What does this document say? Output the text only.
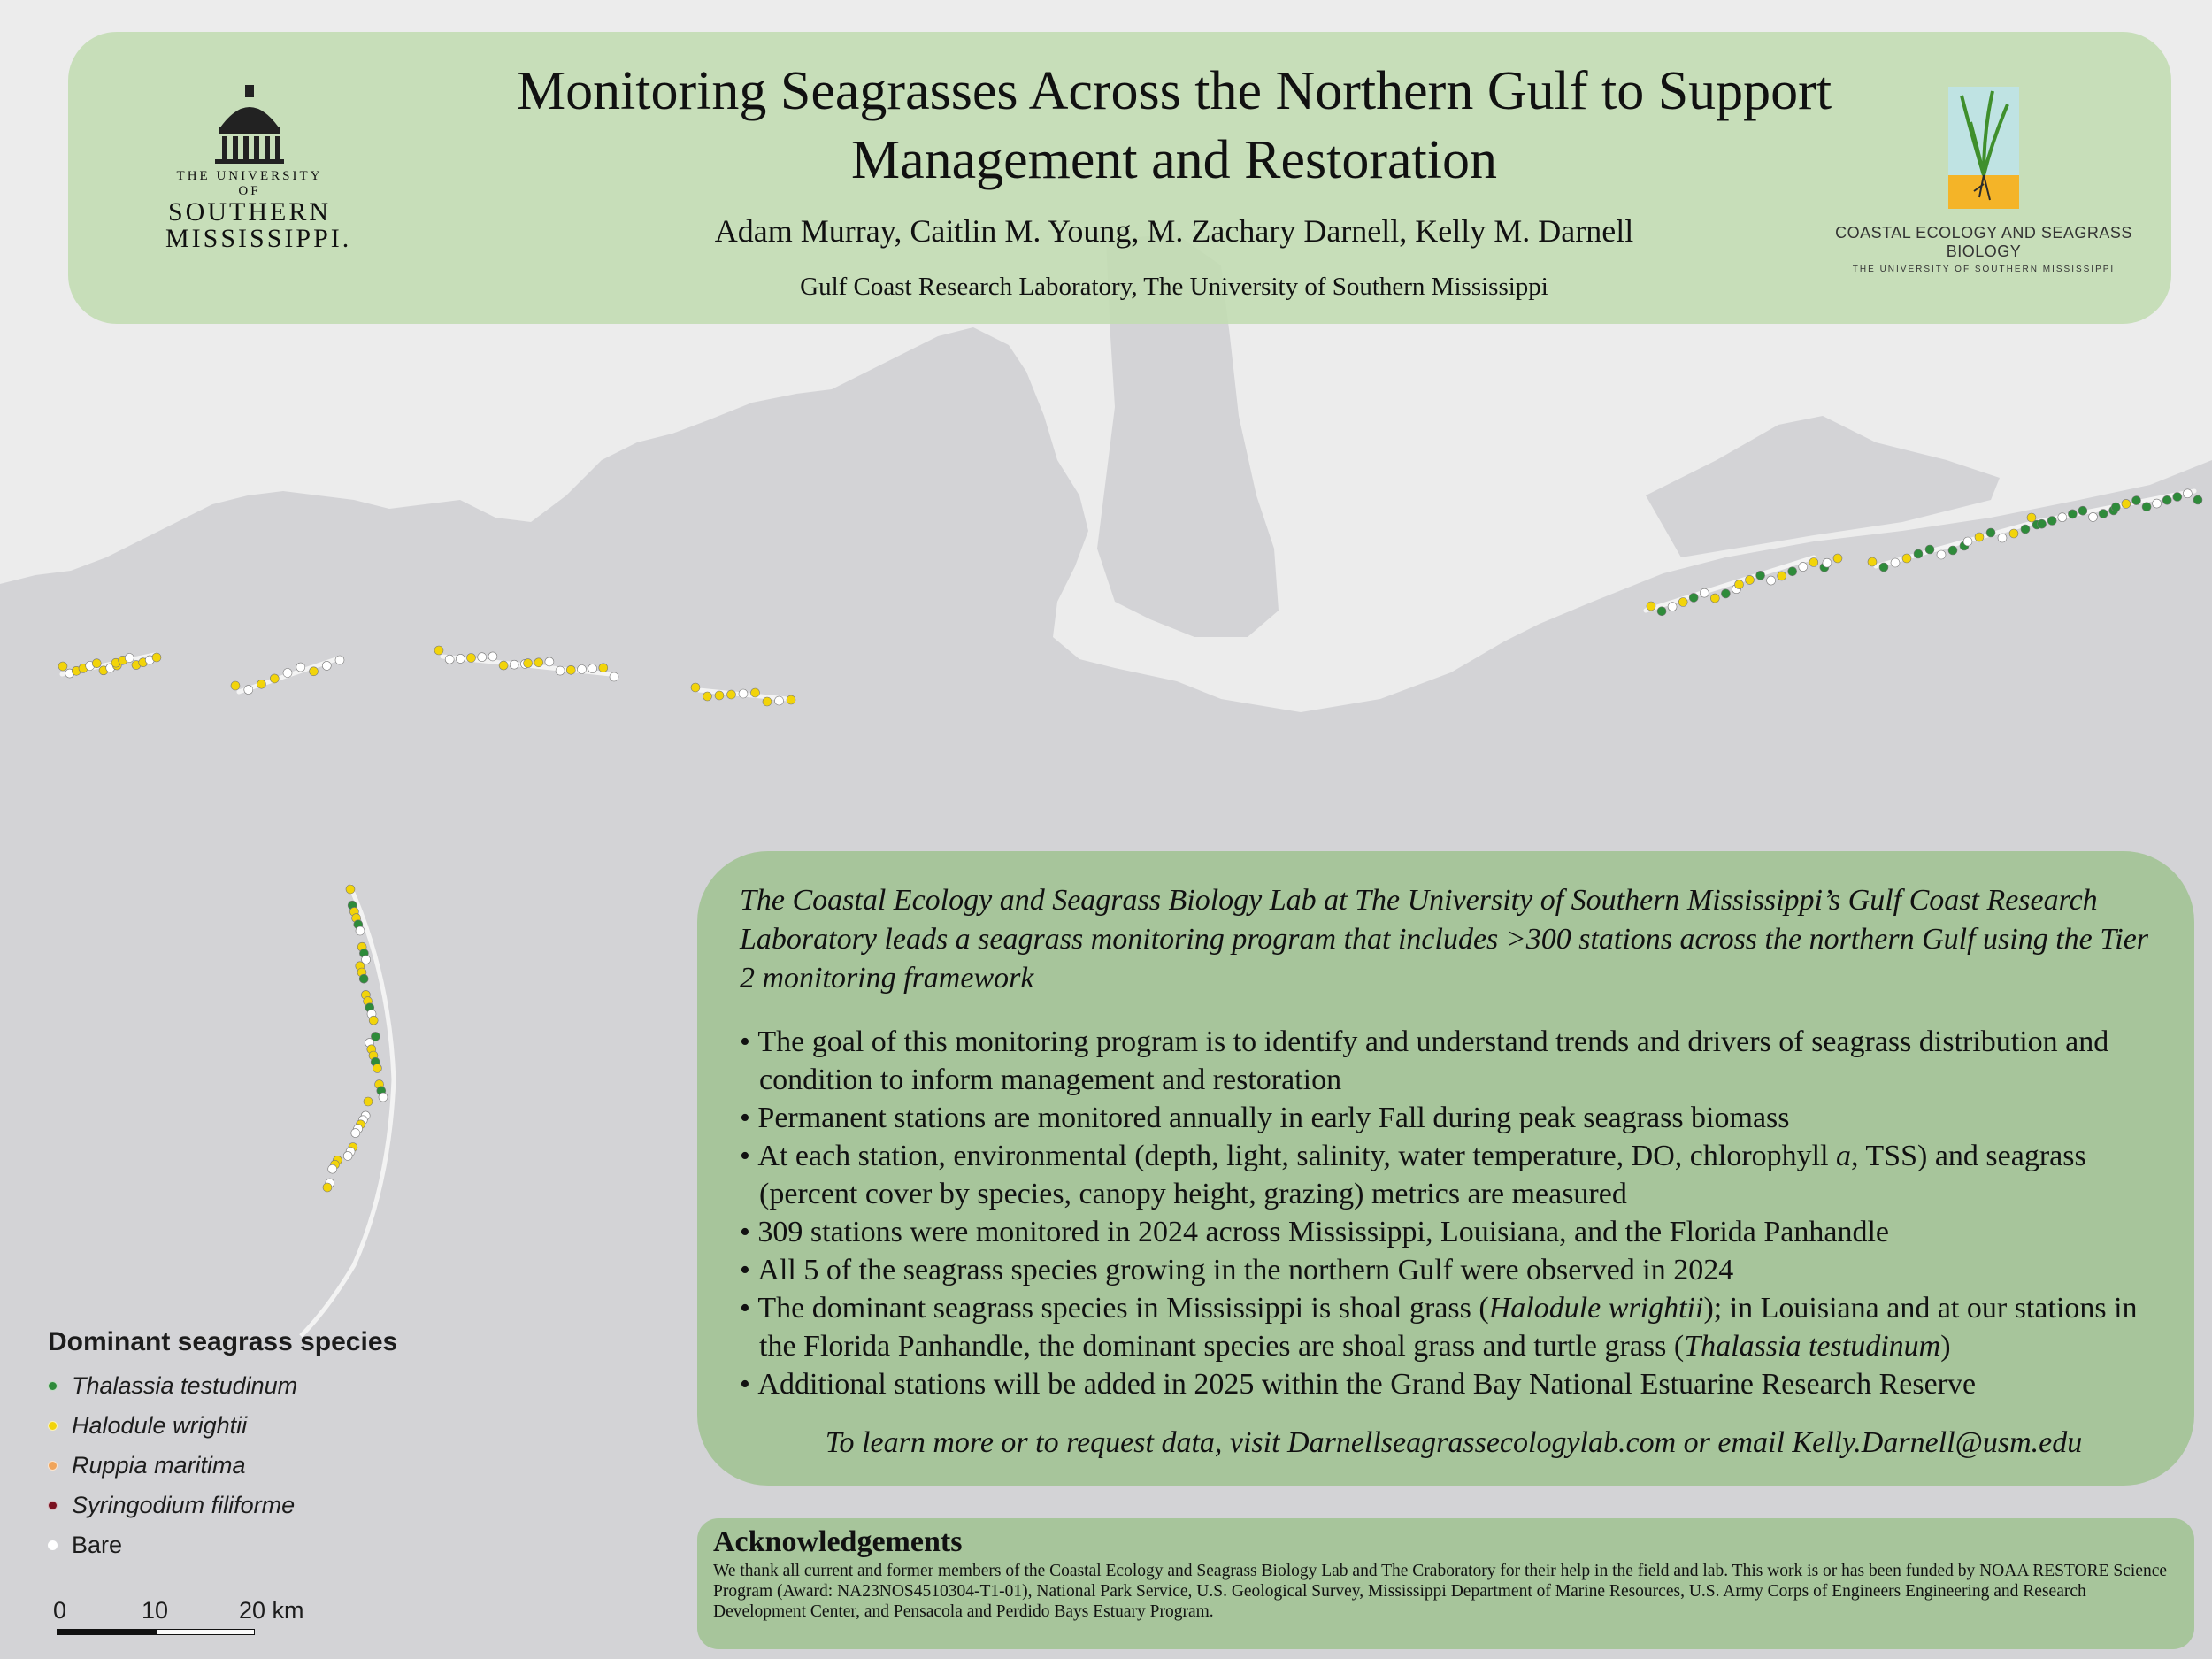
THE UNIVERSITY OF
SOUTHERN
MISSISSIPPI.
Monitoring Seagrasses Across the Northern Gulf to Support
Management and Restoration
Adam Murray, Caitlin M. Young, M. Zachary Darnell, Kelly M. Darnell
Gulf Coast Research Laboratory, The University of Southern Mississippi
COASTAL ECOLOGY AND SEAGRASS BIOLOGY
THE UNIVERSITY OF SOUTHERN MISSISSIPPI
The Coastal Ecology and Seagrass Biology Lab at The University of Southern Mississippi’s Gulf Coast Research Laboratory leads a seagrass monitoring program that includes >300 stations across the northern Gulf using the Tier 2 monitoring framework
• The goal of this monitoring program is to identify and understand trends and drivers of seagrass distribution and condition to inform management and restoration
• Permanent stations are monitored annually in early Fall during peak seagrass biomass
• At each station, environmental (depth, light, salinity, water temperature, DO, chlorophyll a, TSS) and seagrass (percent cover by species, canopy height, grazing) metrics are measured
• 309 stations were monitored in 2024 across Mississippi, Louisiana, and the Florida Panhandle
• All 5 of the seagrass species growing in the northern Gulf were observed in 2024
• The dominant seagrass species in Mississippi is shoal grass (Halodule wrightii); in Louisiana and at our stations in the Florida Panhandle, the dominant species are shoal grass and turtle grass (Thalassia testudinum)
• Additional stations will be added in 2025 within the Grand Bay National Estuarine Research Reserve
To learn more or to request data, visit Darnellseagrassecologylab.com or email Kelly.Darnell@usm.edu
Acknowledgements
We thank all current and former members of the Coastal Ecology and Seagrass Biology Lab and The Craboratory for their help in the field and lab. This work is or has been funded by NOAA RESTORE Science Program (Award: NA23NOS4510304-T1-01), National Park Service, U.S. Geological Survey, Mississippi Department of Marine Resources, U.S. Army Corps of Engineers Engineering and Research Development Center, and Pensacola and Perdido Bays Estuary Program.
Dominant seagrass species
Thalassia testudinum
Halodule wrightii
Ruppia maritima
Syringodium filiforme
Bare
0	10	20 km
